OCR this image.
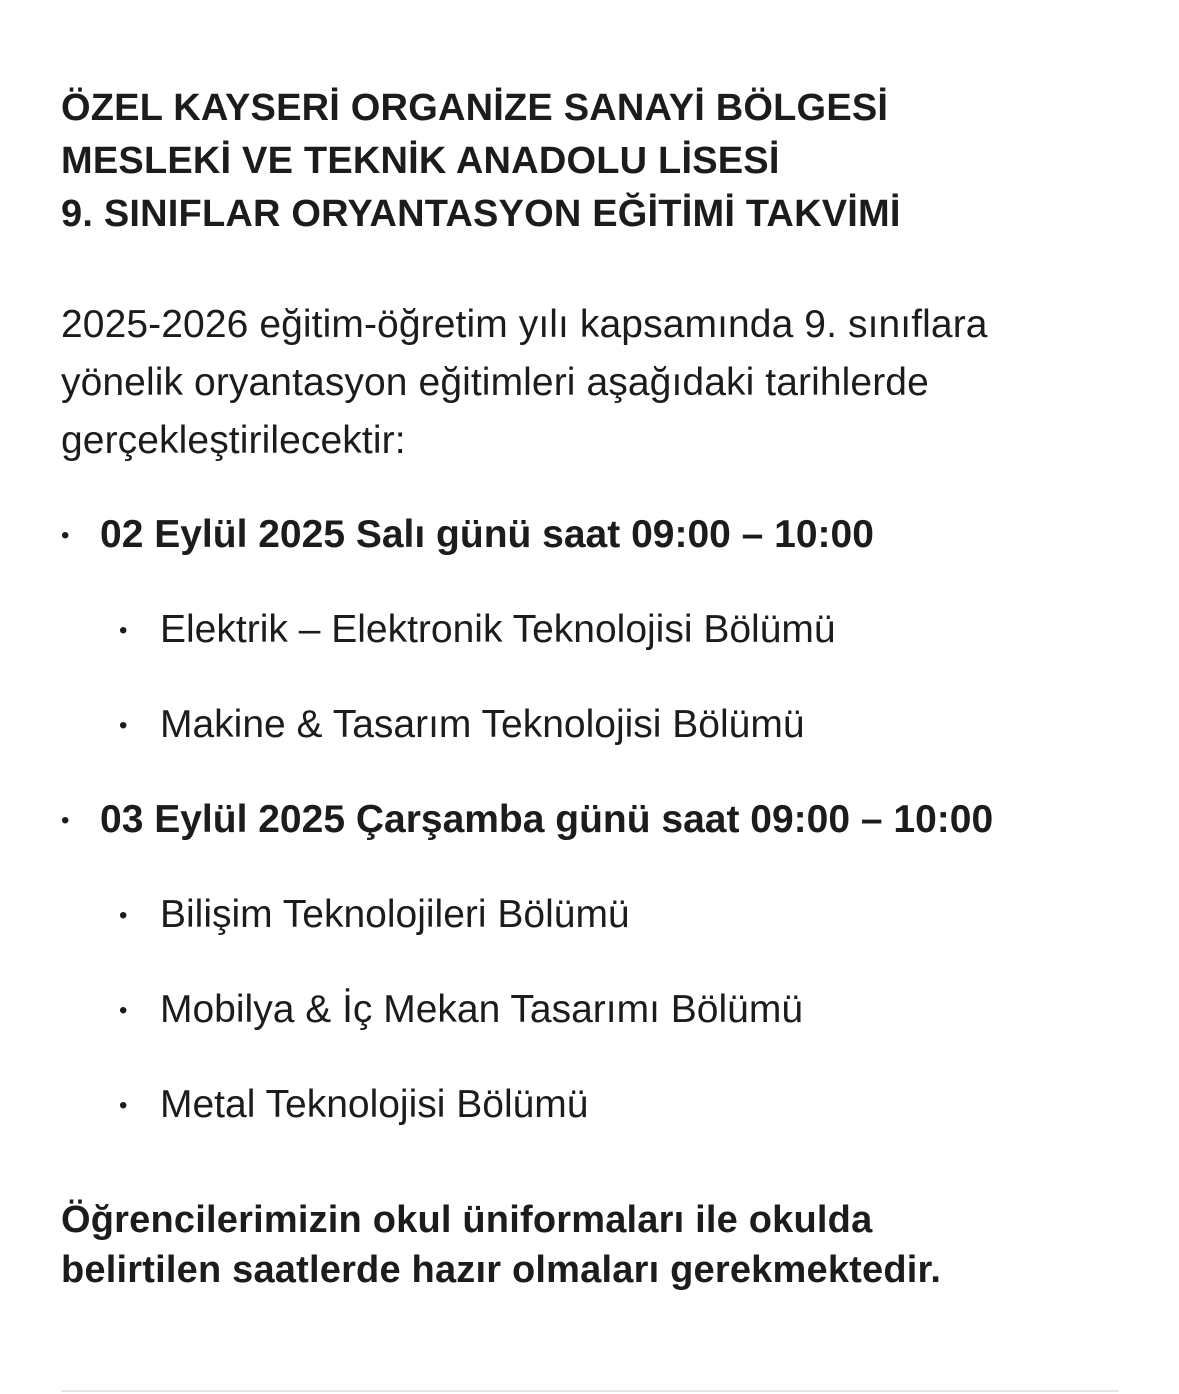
ÖZEL KAYSERİ ORGANİZE SANAYİ BÖLGESİ
MESLEKİ VE TEKNİK ANADOLU LİSESİ
9. SINIFLAR ORYANTASYON EĞİTİMİ TAKVİMİ

2025-2026 eğitim-öğretim yılı kapsamında 9. sınıflara
yönelik oryantasyon eğitimleri aşağıdaki tarihlerde
gerçekleştirilecektir:

• 02 Eylül 2025 Salı günü saat 09:00 – 10:00
• Elektrik – Elektronik Teknolojisi Bölümü
• Makine & Tasarım Teknolojisi Bölümü
• 03 Eylül 2025 Çarşamba günü saat 09:00 – 10:00
• Bilişim Teknolojileri Bölümü
• Mobilya & İç Mekan Tasarımı Bölümü
• Metal Teknolojisi Bölümü

Öğrencilerimizin okul üniformaları ile okulda
belirtilen saatlerde hazır olmaları gerekmektedir.
